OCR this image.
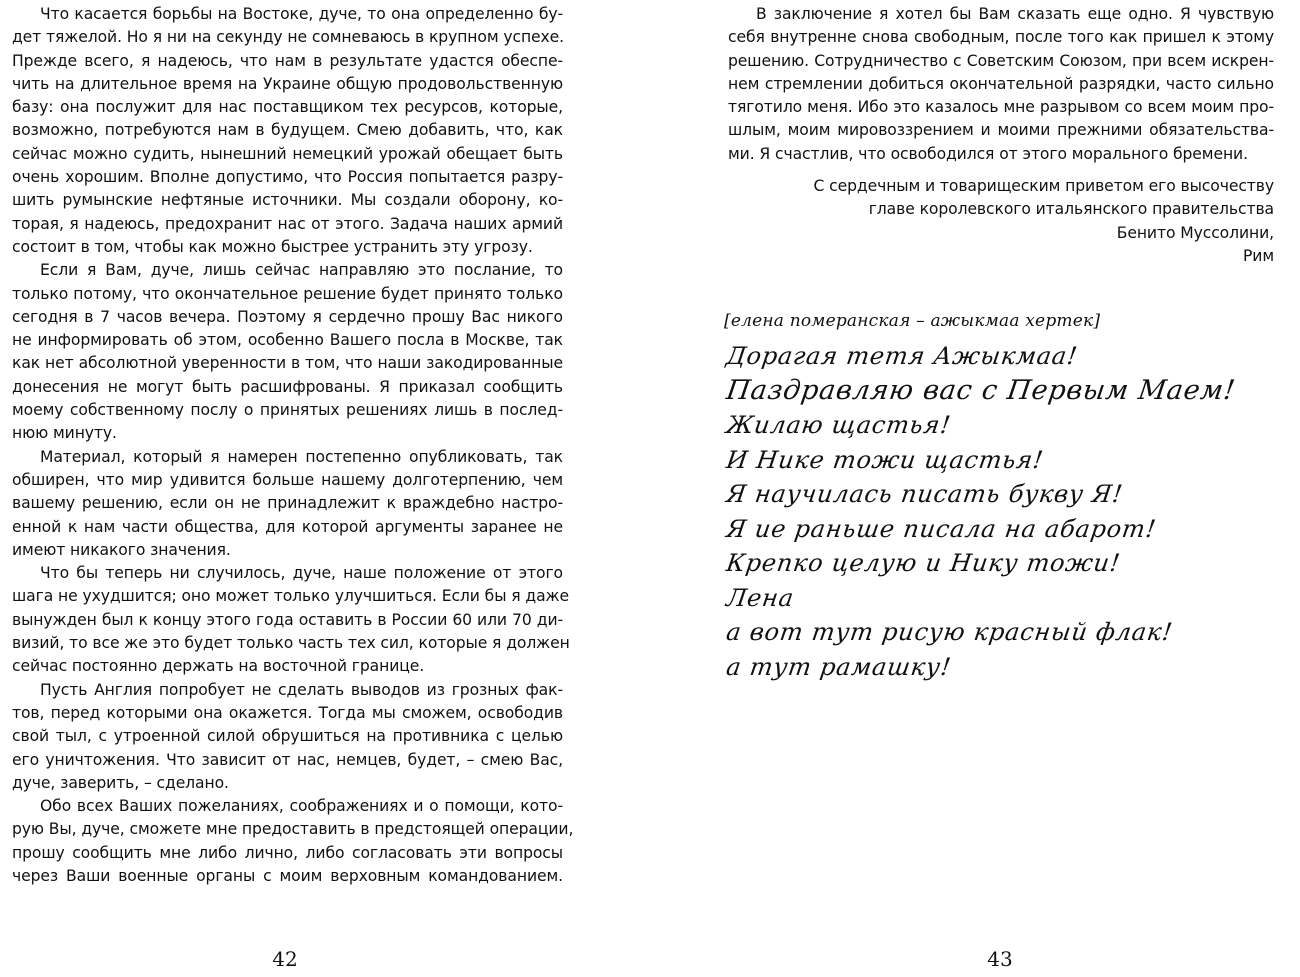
Что касается борьбы на Востоке, дуче, то она определенно бу-
дет тяжелой. Но я ни на секунду не сомневаюсь в крупном успехе.
Прежде всего, я надеюсь, что нам в результате удастся обеспе-
чить на длительное время на Украине общую продовольственную
базу: она послужит для нас поставщиком тех ресурсов, которые,
возможно, потребуются нам в будущем. Смею добавить, что, как
сейчас можно судить, нынешний немецкий урожай обещает быть
очень хорошим. Вполне допустимо, что Россия попытается разру-
шить румынские нефтяные источники. Мы создали оборону, ко-
торая, я надеюсь, предохранит нас от этого. Задача наших армий
состоит в том, чтобы как можно быстрее устранить эту угрозу.

Если я Вам, дуче, лишь сейчас направляю это послание, то
только потому, что окончательное решение будет принято только
сегодня в 7 часов вечера. Поэтому я сердечно прошу Вас никого
не информировать об этом, особенно Вашего посла в Москве, так
как нет абсолютной уверенности в том, что наши закодированные
донесения не могут быть расшифрованы. Я приказал сообщить
моему собственному послу о принятых решениях лишь в послед-
нюю минуту.

Материал, который я намерен постепенно опубликовать, так
обширен, что мир удивится больше нашему долготерпению, чем
вашему решению, если он не принадлежит к враждебно настро-
енной к нам части общества, для которой аргументы заранее не
имеют никакого значения.

Что бы теперь ни случилось, дуче, наше положение от этого
шага не ухудшится; оно может только улучшиться. Если бы я даже
вынужден был к концу этого года оставить в России 60 или 70 ди-
визий, то все же это будет только часть тех сил, которые я должен
сейчас постоянно держать на восточной границе.

Пусть Англия попробует не сделать выводов из грозных фак-
тов, перед которыми она окажется. Тогда мы сможем, освободив
свой тыл, с утроенной силой обрушиться на противника с целью
его уничтожения. Что зависит от нас, немцев, будет, – смею Вас,
дуче, заверить, – сделано.

Обо всех Ваших пожеланиях, соображениях и о помощи, кото-
рую Вы, дуче, сможете мне предоставить в предстоящей операции,
прошу сообщить мне либо лично, либо согласовать эти вопросы
через Ваши военные органы с моим верховным командованием.

42

В заключение я хотел бы Вам сказать еще одно. Я чувствую
себя внутренне снова свободным, после того как пришел к этому
решению. Сотрудничество с Советским Союзом, при всем искрен-
нем стремлении добиться окончательной разрядки, часто сильно
тяготило меня. Ибо это казалось мне разрывом со всем моим про-
шлым, моим мировоззрением и моими прежними обязательства-
ми. Я счастлив, что освободился от этого морального бремени.

С сердечным и товарищеским приветом его высочеству
главе королевского итальянского правительства
Бенито Муссолини,
Рим
[елена померанская – ажыкмаа хертек]
Дорагая тетя Ажыкмаа!
Паздравляю вас с Первым Маем!
Жилаю щастья!
И Нике тожи щастья!
Я научилась писать букву Я!
Я ие раньше писала на абарот!
Крепко целую и Нику тожи!
Лена
а вот тут рисую красный флак!
а тут рамашку!
43
